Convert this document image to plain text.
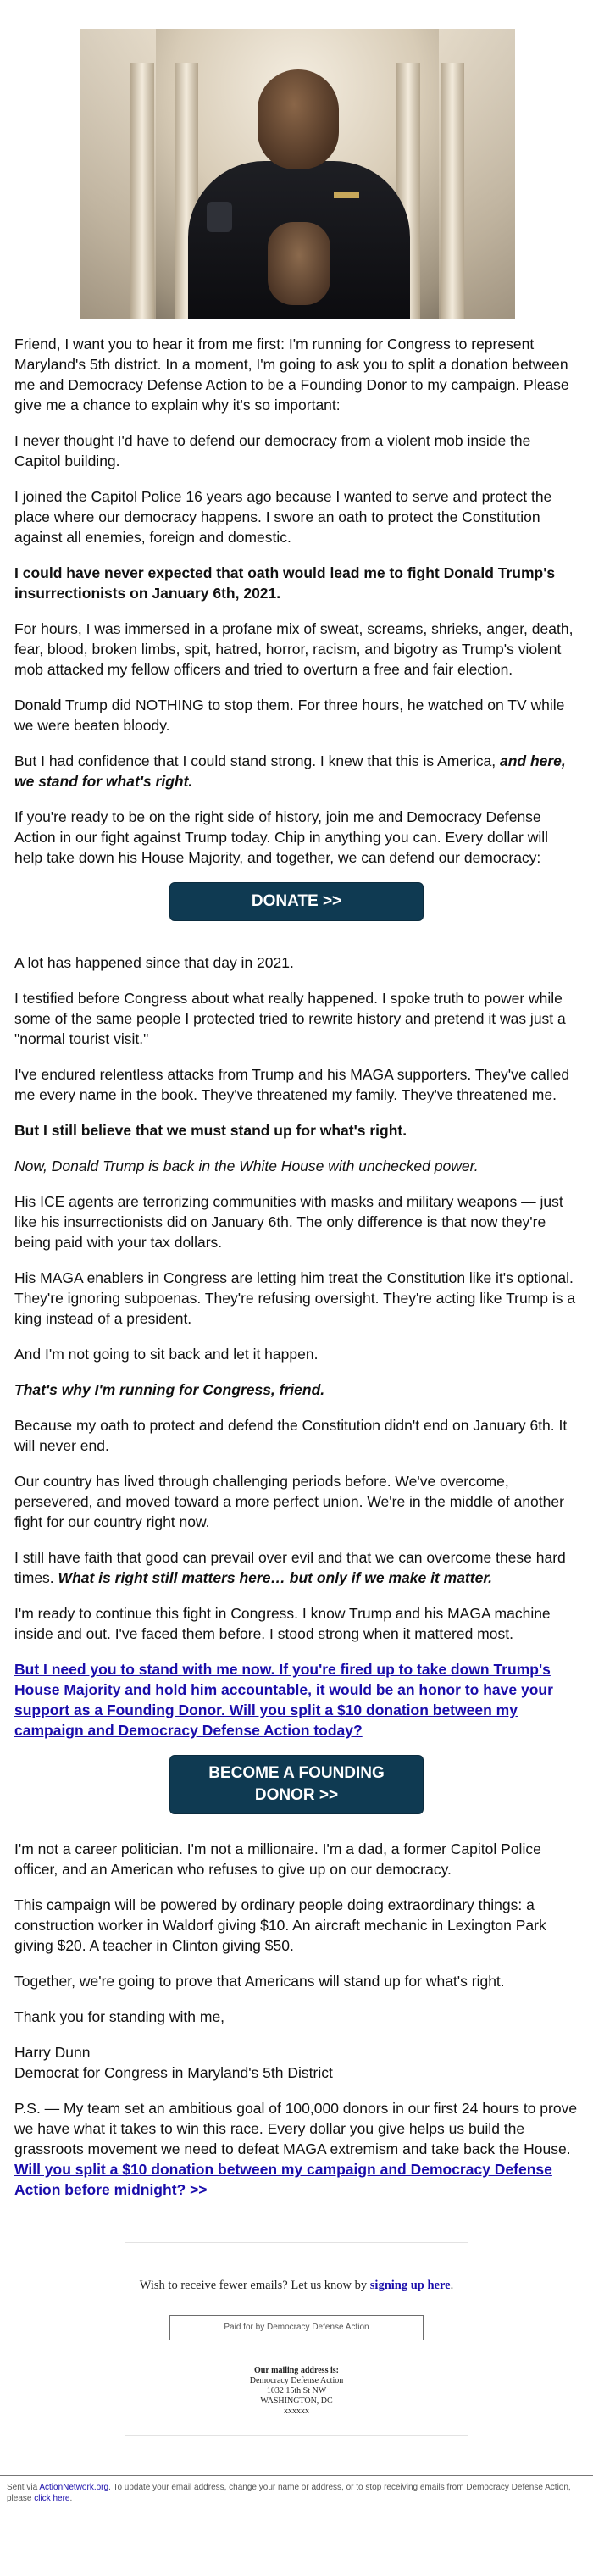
Friend, I want you to hear it from me first: I'm running for Congress to represent Maryland's 5th district. In a moment, I'm going to ask you to split a donation between me and Democracy Defense Action to be a Founding Donor to my campaign. Please give me a chance to explain why it's so important:

I never thought I'd have to defend our democracy from a violent mob inside the Capitol building.

I joined the Capitol Police 16 years ago because I wanted to serve and protect the place where our democracy happens. I swore an oath to protect the Constitution against all enemies, foreign and domestic.

I could have never expected that oath would lead me to fight Donald Trump's insurrectionists on January 6th, 2021.

For hours, I was immersed in a profane mix of sweat, screams, shrieks, anger, death, fear, blood, broken limbs, spit, hatred, horror, racism, and bigotry as Trump's violent mob attacked my fellow officers and tried to overturn a free and fair election.

Donald Trump did NOTHING to stop them. For three hours, he watched on TV while we were beaten bloody.

But I had confidence that I could stand strong. I knew that this is America, and here, we stand for what's right.

If you're ready to be on the right side of history, join me and Democracy Defense Action in our fight against Trump today. Chip in anything you can. Every dollar will help take down his House Majority, and together, we can defend our democracy:

DONATE >>

A lot has happened since that day in 2021.

I testified before Congress about what really happened. I spoke truth to power while some of the same people I protected tried to rewrite history and pretend it was just a "normal tourist visit."

I've endured relentless attacks from Trump and his MAGA supporters. They've called me every name in the book. They've threatened my family. They've threatened me.

But I still believe that we must stand up for what's right.

Now, Donald Trump is back in the White House with unchecked power.

His ICE agents are terrorizing communities with masks and military weapons — just like his insurrectionists did on January 6th. The only difference is that now they're being paid with your tax dollars.

His MAGA enablers in Congress are letting him treat the Constitution like it's optional. They're ignoring subpoenas. They're refusing oversight. They're acting like Trump is a king instead of a president.

And I'm not going to sit back and let it happen.

That's why I'm running for Congress, friend.

Because my oath to protect and defend the Constitution didn't end on January 6th. It will never end.

Our country has lived through challenging periods before. We've overcome, persevered, and moved toward a more perfect union. We're in the middle of another fight for our country right now.

I still have faith that good can prevail over evil and that we can overcome these hard times. What is right still matters here… but only if we make it matter.

I'm ready to continue this fight in Congress. I know Trump and his MAGA machine inside and out. I've faced them before. I stood strong when it mattered most.

But I need you to stand with me now. If you're fired up to take down Trump's House Majority and hold him accountable, it would be an honor to have your support as a Founding Donor. Will you split a $10 donation between my campaign and Democracy Defense Action today?

BECOME A FOUNDING
DONOR >>

I'm not a career politician. I'm not a millionaire. I'm a dad, a former Capitol Police officer, and an American who refuses to give up on our democracy.

This campaign will be powered by ordinary people doing extraordinary things: a construction worker in Waldorf giving $10. An aircraft mechanic in Lexington Park giving $20. A teacher in Clinton giving $50.

Together, we're going to prove that Americans will stand up for what's right.

Thank you for standing with me,

Harry Dunn

Democrat for Congress in Maryland's 5th District

P.S. — My team set an ambitious goal of 100,000 donors in our first 24 hours to prove we have what it takes to win this race. Every dollar you give helps us build the grassroots movement we need to defeat MAGA extremism and take back the House. Will you split a $10 donation between my campaign and Democracy Defense Action before midnight? >>

Wish to receive fewer emails? Let us know by signing up here.
Paid for by Democracy Defense Action
Our mailing address is:
Democracy Defense Action
1032 15th St NW
WASHINGTON, DC
xxxxxx
Sent via ActionNetwork.org. To update your email address, change your name or address, or to stop receiving emails from Democracy Defense Action, please click here.
